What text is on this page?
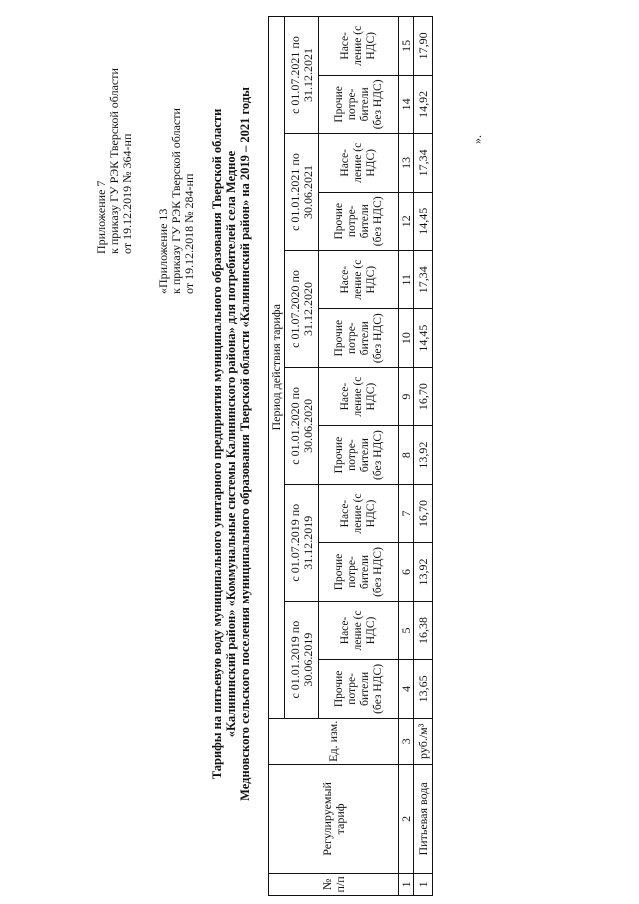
Приложение 7 к приказу ГУ РЭК Тверской области от 19.12.2019 № 364-нп «Приложение 13 к приказу ГУ РЭК Тверской области от 19.12.2018 № 284-нп Тарифы на питьевую воду муниципального унитарного предприятия муниципального образования Тверской области «Калининский район» «Коммунальные системы Калининского района» для потребителей села Медное Медновского сельского поселения муниципального образования Тверской области «Калининский район» на 2019 – 2021 годы
№ п/п	Регулируемый тариф	Ед. изм.	Период действия тарифа											
			с 01.01.2019 по 30.06.2019		с 01.07.2019 по 31.12.2019		с 01.01.2020 по 30.06.2020		с 01.07.2020 по 31.12.2020		с 01.01.2021 по 30.06.2021		с 01.07.2021 по 31.12.2021	
			Прочие потре-бители (без НДС)	Насе-ление (с НДС)	Прочие потре-бители (без НДС)	Насе-ление (с НДС)	Прочие потре-бители (без НДС)	Насе-ление (с НДС)	Прочие потре-бители (без НДС)	Насе-ление (с НДС)	Прочие потре-бители (без НДС)	Насе-ление (с НДС)	Прочие потре-бители (без НДС)	Насе-ление (с НДС)
1	2	3	4	5	6	7	8	9	10	11	12	13	14	15
1	Питьевая вода	руб./м³	13,65	16,38	13,92	16,70	13,92	16,70	14,45	17,34	14,45	17,34	14,92	17,90
».
